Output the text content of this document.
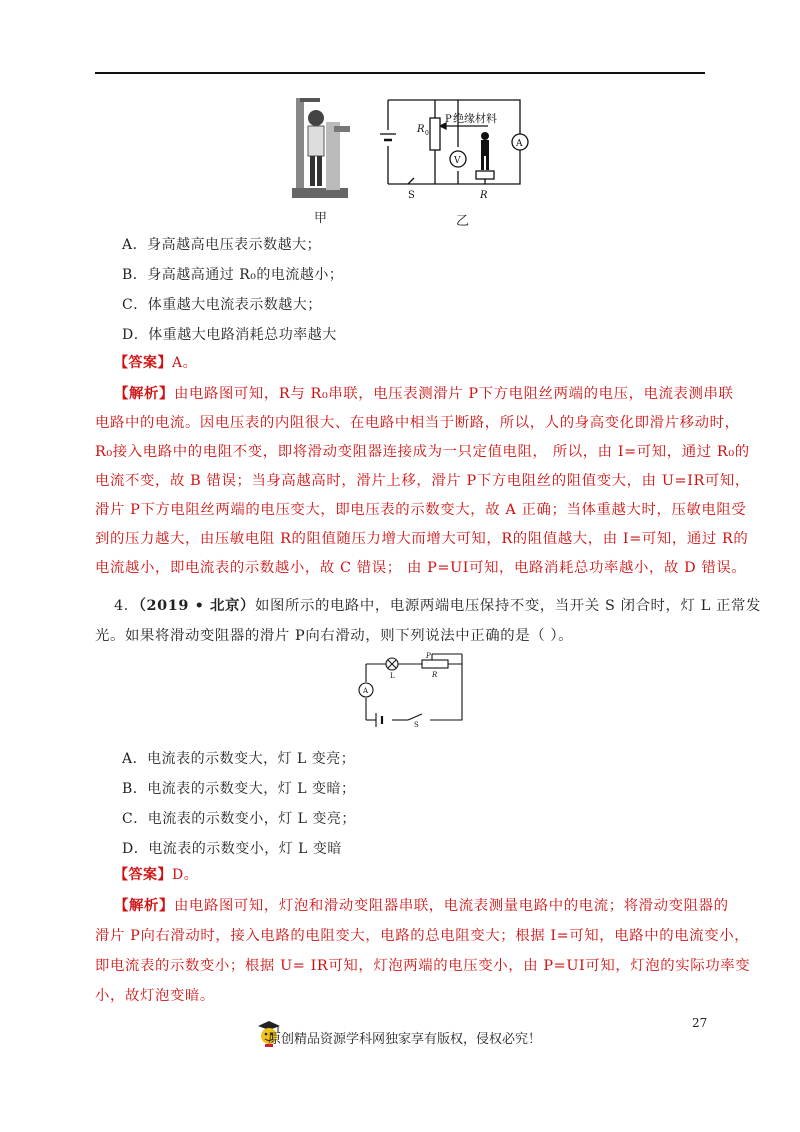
R 0
P 绝缘材料
V
A
S	R
甲	乙
A．身高越高电压表示数越大；
B．身高越高通过 R₀的电流越小；
C．体重越大电流表示数越大；
D．体重越大电路消耗总功率越大
【答案】A。
【解析】由电路图可知，R与 R₀串联，电压表测滑片 P下方电阻丝两端的电压，电流表测串联
电路中的电流。因电压表的内阻很大、在电路中相当于断路，所以，人的身高变化即滑片移动时，
R₀接入电路中的电阻不变，即将滑动变阻器连接成为一只定值电阻， 所以，由 I=可知，通过 R₀的
电流不变，故 B 错误；当身高越高时，滑片上移，滑片 P下方电阻丝的阻值变大，由 U=IR可知，
滑片 P下方电阻丝两端的电压变大，即电压表的示数变大，故 A 正确；当体重越大时，压敏电阻受
到的压力越大，由压敏电阻 R的阻值随压力增大而增大可知，R的阻值越大，由 I=可知，通过 R的
电流越小，即电流表的示数越小，故 C 错误； 由 P=UI可知，电路消耗总功率越小，故 D 错误。
4．（2019 • 北京）如图所示的电路中，电源两端电压保持不变，当开关 S 闭合时，灯 L 正常发
光。如果将滑动变阻器的滑片 P向右滑动，则下列说法中正确的是（ ）。
A
L
P
R
S
A．电流表的示数变大，灯 L 变亮；
B．电流表的示数变大，灯 L 变暗；
C．电流表的示数变小，灯 L 变亮；
D．电流表的示数变小，灯 L 变暗
【答案】D。
【解析】由电路图可知，灯泡和滑动变阻器串联，电流表测量电路中的电流；将滑动变阻器的
滑片 P向右滑动时，接入电路的电阻变大，电路的总电阻变大；根据 I=可知，电路中的电流变小，
即电流表的示数变小；根据 U= IR可知，灯泡两端的电压变小，由 P=UI可知，灯泡的实际功率变
小，故灯泡变暗。
27
原创精品资源学科网独家享有版权，侵权必究！
